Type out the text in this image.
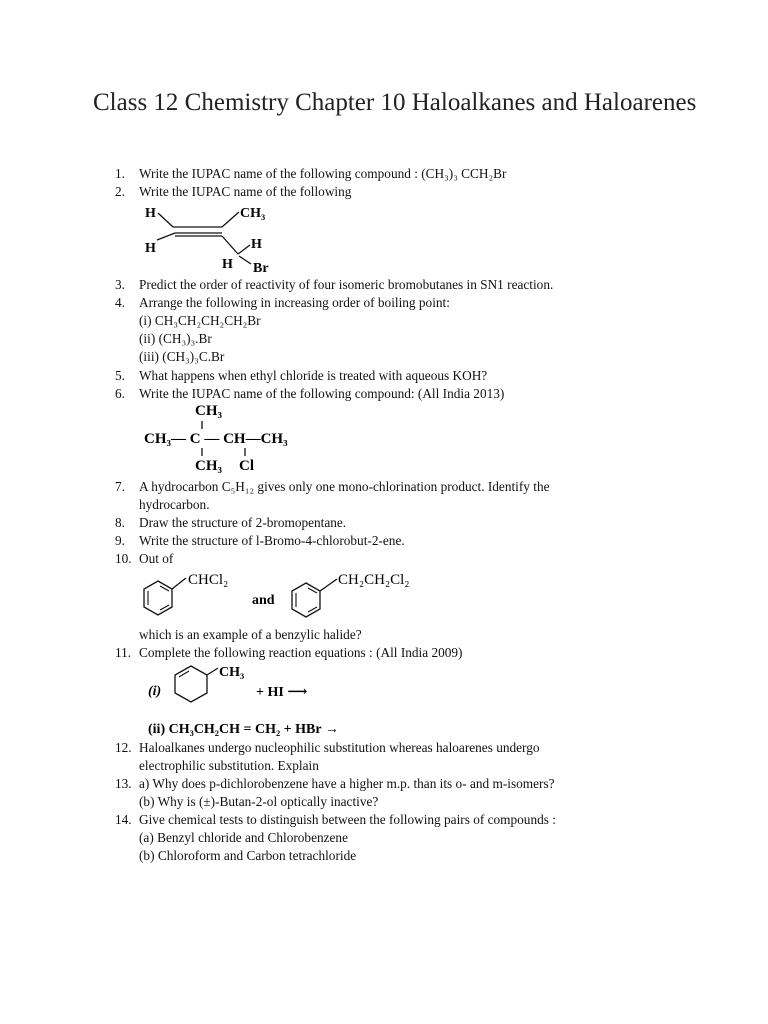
Class 12 Chemistry Chapter 10 Haloalkanes and Haloarenes
1.	Write the IUPAC name of the following compound : (CH₃)₃ CCH₂Br
2.	Write the IUPAC name of the following
H	CH₃
H	H
H Br
3.	Predict the order of reactivity of four isomeric bromobutanes in SN1 reaction.
4.	Arrange the following in increasing order of boiling point:
(i) CH₃CH₂CH₂CH₂Br
(ii) (CH₃)₃.Br
(iii) (CH₃)₃C.Br
5.	What happens when ethyl chloride is treated with aqueous KOH?
6.	Write the IUPAC name of the following compound: (All India 2013)
CH₃
CH₃— C — CH—CH₃
CH₃ Cl
7.	A hydrocarbon C₅H₁₂ gives only one mono-chlorination product. Identify the
hydrocarbon.
8.	Draw the structure of 2-bromopentane.
9.	Write the structure of l-Bromo-4-chlorobut-2-ene.
10. Out of
CHCl₂
and
CH₂CH₂Cl₂
which is an example of a benzylic halide?
11. Complete the following reaction equations : (All India 2009)
(i)
CH₃
+ HI ⟶
(ii) CH₃CH₂CH = CH₂ + HBr →
12. Haloalkanes undergo nucleophilic substitution whereas haloarenes undergo
electrophilic substitution. Explain
13. a) Why does p-dichlorobenzene have a higher m.p. than its o- and m-isomers?
(b) Why is (±)-Butan-2-ol optically inactive?
14. Give chemical tests to distinguish between the following pairs of compounds :
(a) Benzyl chloride and Chlorobenzene
(b) Chloroform and Carbon tetrachloride
